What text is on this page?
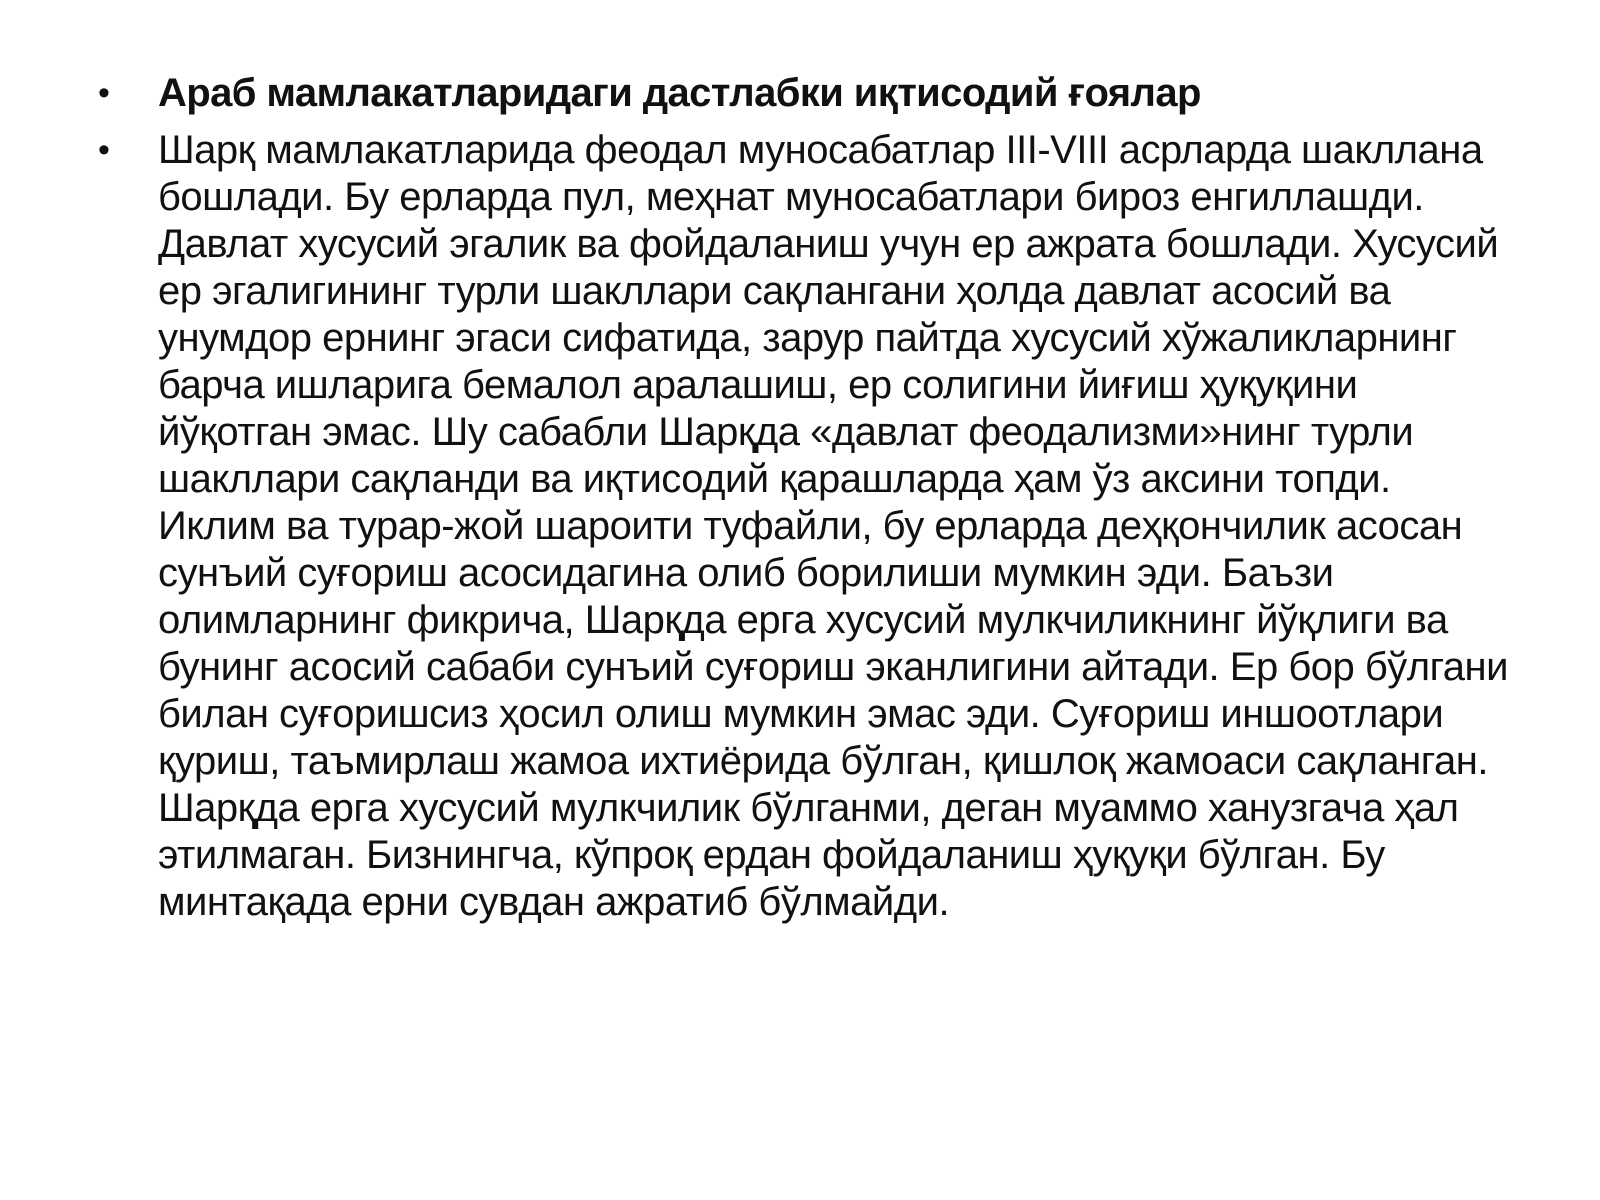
• Араб мамлакатларидаги дастлабки иқтисодий ғоялар
• Шарқ мамлакатларида феодал муносабатлар III-VIII асрларда шакллана бошлади. Бу ерларда пул, меҳнат муносабатлари бироз енгиллашди. Давлат хусусий эгалик ва фойдаланиш учун ер ажрата бошлади. Хусусий ер эгалигининг турли шакллари сақлангани ҳолда давлат асосий ва унумдор ернинг эгаси сифатида, зарур пайтда хусусий хўжаликларнинг барча ишларига бемалол аралашиш, ер солигини йиғиш ҳуқуқини йўқотган эмас. Шу сабабли Шарқда «давлат феодализми»нинг турли шакллари сақланди ва иқтисодий қарашларда ҳам ўз аксини топди. Иклим ва турар-жой шароити туфайли, бу ерларда деҳқончилик асосан сунъий суғориш асосидагина олиб борилиши мумкин эди. Баъзи олимларнинг фикрича, Шарқда ерга хусусий мулкчиликнинг йўқлиги ва бунинг асосий сабаби сунъий суғориш эканлигини айтади. Ер бор бўлгани билан суғоришсиз ҳосил олиш мумкин эмас эди. Суғориш иншоотлари қуриш, таъмирлаш жамоа ихтиёрида бўлган, қишлоқ жамоаси сақланган. Шарқда ерга хусусий мулкчилик бўлганми, деган муаммо ханузгача ҳал этилмаган. Бизнингча, кўпроқ ердан фойдаланиш ҳуқуқи бўлган. Бу минтақада ерни сувдан ажратиб бўлмайди.
